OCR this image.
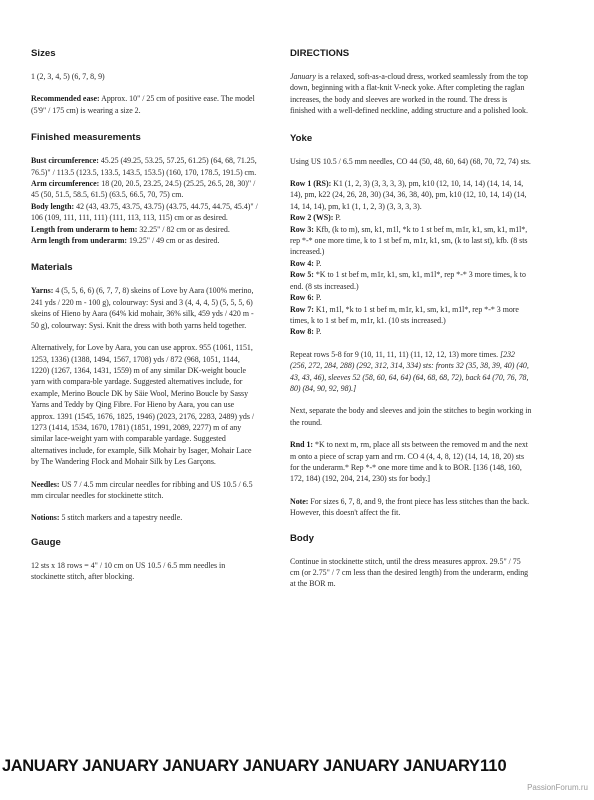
Sizes

1 (2, 3, 4, 5) (6, 7, 8, 9)

Recommended ease: Approx. 10" / 25 cm of positive ease. The model (5'9" / 175 cm) is wearing a size 2.

Finished measurements

Bust circumference: 45.25 (49.25, 53.25, 57.25, 61.25) (64, 68, 71.25, 76.5)" / 113.5 (123.5, 133.5, 143.5, 153.5) (160, 170, 178.5, 191.5) cm.

Arm circumference: 18 (20, 20.5, 23.25, 24.5) (25.25, 26.5, 28, 30)" / 45 (50, 51.5, 58.5, 61.5) (63.5, 66.5, 70, 75) cm.

Body length: 42 (43, 43.75, 43.75, 43.75) (43.75, 44.75, 44.75, 45.4)" / 106 (109, 111, 111, 111) (111, 113, 113, 115) cm or as desired.

Length from underarm to hem: 32.25" / 82 cm or as desired.

Arm length from underarm: 19.25" / 49 cm or as desired.

Materials

Yarns: 4 (5, 5, 6, 6) (6, 7, 7, 8) skeins of Love by Aara (100% merino, 241 yds / 220 m - 100 g), colourway: Sysi and 3 (4, 4, 4, 5) (5, 5, 5, 6) skeins of Hieno by Aara (64% kid mohair, 36% silk, 459 yds / 420 m - 50 g), colourway: Sysi. Knit the dress with both yarns held together.

Alternatively, for Love by Aara, you can use approx. 955 (1061, 1151, 1253, 1336) (1388, 1494, 1567, 1708) yds / 872 (968, 1051, 1144, 1220) (1267, 1364, 1431, 1559) m of any similar DK-weight boucle yarn with compara-ble yardage. Suggested alternatives include, for example, Merino Boucle DK by Säie Wool, Merino Boucle by Sassy Yarns and Teddy by Qing Fibre. For Hieno by Aara, you can use approx. 1391 (1545, 1676, 1825, 1946) (2023, 2176, 2283, 2489) yds / 1273 (1414, 1534, 1670, 1781) (1851, 1991, 2089, 2277) m of any similar lace-weight yarn with comparable yardage. Suggested alternatives include, for example, Silk Mohair by Isager, Mohair Lace by The Wandering Flock and Mohair Silk by Les Garçons.

Needles: US 7 / 4.5 mm circular needles for ribbing and US 10.5 / 6.5 mm circular needles for stockinette stitch.

Notions: 5 stitch markers and a tapestry needle.

Gauge

12 sts x 18 rows = 4" / 10 cm on US 10.5 / 6.5 mm needles in stockinette stitch, after blocking.

DIRECTIONS

January is a relaxed, soft-as-a-cloud dress, worked seamlessly from the top down, beginning with a flat-knit V-neck yoke. After completing the raglan increases, the body and sleeves are worked in the round. The dress is finished with a well-defined neckline, adding structure and a polished look.

Yoke

Using US 10.5 / 6.5 mm needles, CO 44 (50, 48, 60, 64) (68, 70, 72, 74) sts.

Row 1 (RS): K1 (1, 2, 3) (3, 3, 3, 3), pm, k10 (12, 10, 14, 14) (14, 14, 14, 14), pm, k22 (24, 26, 28, 30) (34, 36, 38, 40), pm, k10 (12, 10, 14, 14) (14, 14, 14, 14), pm, k1 (1, 1, 2, 3) (3, 3, 3, 3).

Row 2 (WS): P.

Row 3: Kfb, (k to m), sm, k1, m1l, *k to 1 st bef m, m1r, k1, sm, k1, m1l*, rep *-* one more time, k to 1 st bef m, m1r, k1, sm, (k to last st), kfb. (8 sts increased.)

Row 4: P.

Row 5: *K to 1 st bef m, m1r, k1, sm, k1, m1l*, rep *-* 3 more times, k to end. (8 sts increased.)

Row 6: P.

Row 7: K1, m1l, *k to 1 st bef m, m1r, k1, sm, k1, m1l*, rep *-* 3 more times, k to 1 st bef m, m1r, k1. (10 sts increased.)

Row 8: P.

Repeat rows 5-8 for 9 (10, 11, 11, 11) (11, 12, 12, 13) more times. [232 (256, 272, 284, 288) (292, 312, 314, 334) sts: fronts 32 (35, 38, 39, 40) (40, 43, 43, 46), sleeves 52 (58, 60, 64, 64) (64, 68, 68, 72), back 64 (70, 76, 78, 80) (84, 90, 92, 98).]

Next, separate the body and sleeves and join the stitches to begin working in the round.

Rnd 1: *K to next m, rm, place all sts between the removed m and the next m onto a piece of scrap yarn and rm. CO 4 (4, 4, 8, 12) (14, 14, 18, 20) sts for the underarm.* Rep *-* one more time and k to BOR. [136 (148, 160, 172, 184) (192, 204, 214, 230) sts for body.]

Note: For sizes 6, 7, 8, and 9, the front piece has less stitches than the back. However, this doesn't affect the fit.

Body

Continue in stockinette stitch, until the dress measures approx. 29.5" / 75 cm (or 2.75" / 7 cm less than the desired length) from the underarm, ending at the BOR m.

JANUARY JANUARY JANUARY JANUARY JANUARY JANUARY 110
PassionForum.ru
